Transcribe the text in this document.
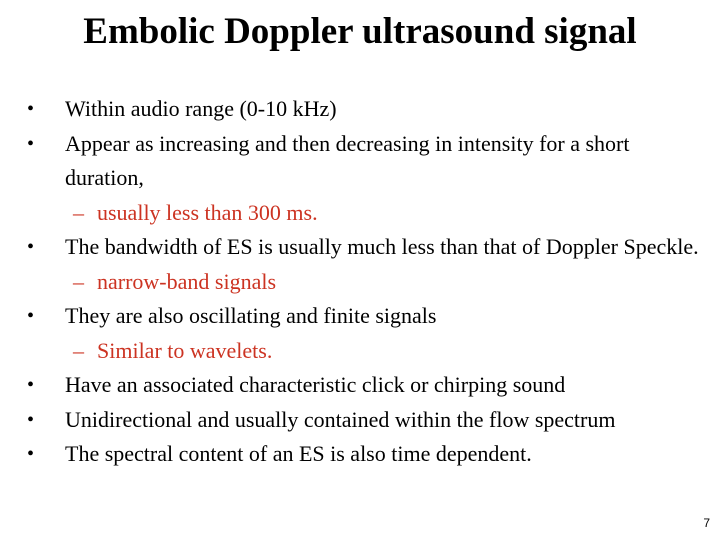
Embolic Doppler ultrasound signal
• Within audio range (0-10 kHz)
• Appear as increasing and then decreasing in intensity for a short duration,
– usually less than 300 ms.
• The bandwidth of ES is usually much less than that of Doppler Speckle.
– narrow-band signals
• They are also oscillating and finite signals
– Similar to wavelets.
• Have an associated characteristic click or chirping sound
• Unidirectional and usually contained within the flow spectrum
• The spectral content of an ES is also time dependent.
7
